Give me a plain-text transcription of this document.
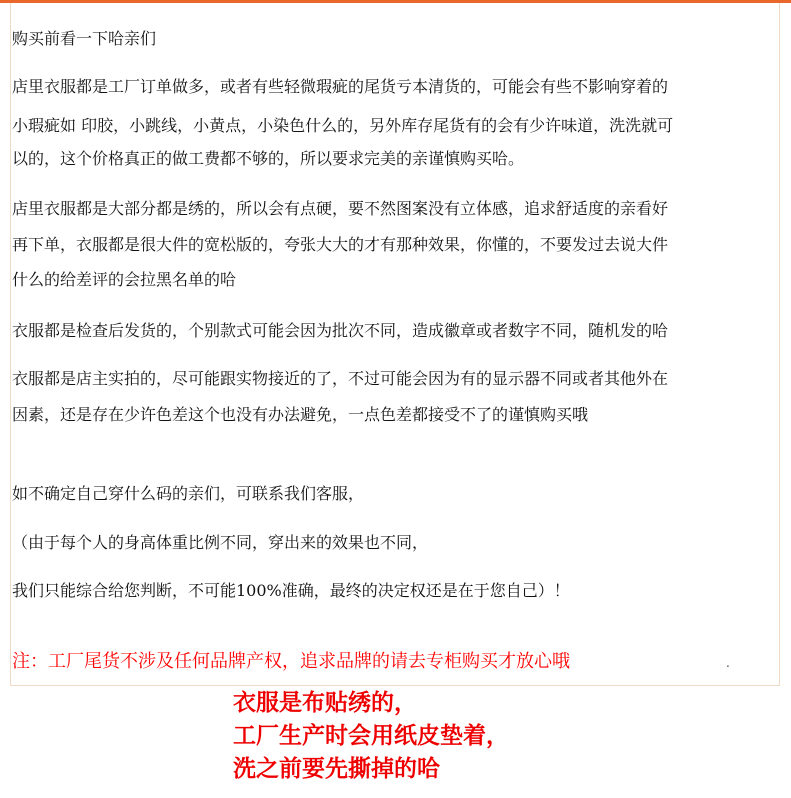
购买前看一下哈亲们

店里衣服都是工厂订单做多，或者有些轻微瑕疵的尾货亏本清货的，可能会有些不影响穿着的

小瑕疵如 印胶，小跳线，小黄点，小染色什么的，另外库存尾货有的会有少许味道，洗洗就可

以的，这个价格真正的做工费都不够的，所以要求完美的亲谨慎购买哈。

店里衣服都是大部分都是绣的，所以会有点硬，要不然图案没有立体感，追求舒适度的亲看好

再下单，衣服都是很大件的宽松版的，夸张大大的才有那种效果，你懂的，不要发过去说大件

什么的给差评的会拉黑名单的哈

衣服都是检查后发货的，个别款式可能会因为批次不同，造成徽章或者数字不同，随机发的哈

衣服都是店主实拍的，尽可能跟实物接近的了，不过可能会因为有的显示器不同或者其他外在

因素，还是存在少许色差这个也没有办法避免，一点色差都接受不了的谨慎购买哦

如不确定自己穿什么码的亲们，可联系我们客服，

（由于每个人的身高体重比例不同，穿出来的效果也不同，

我们只能综合给您判断，不可能100%准确，最终的决定权还是在于您自己）！

注：工厂尾货不涉及任何品牌产权，追求品牌的请去专柜购买才放心哦	.
衣服是布贴绣的，
工厂生产时会用纸皮垫着，
洗之前要先撕掉的哈
